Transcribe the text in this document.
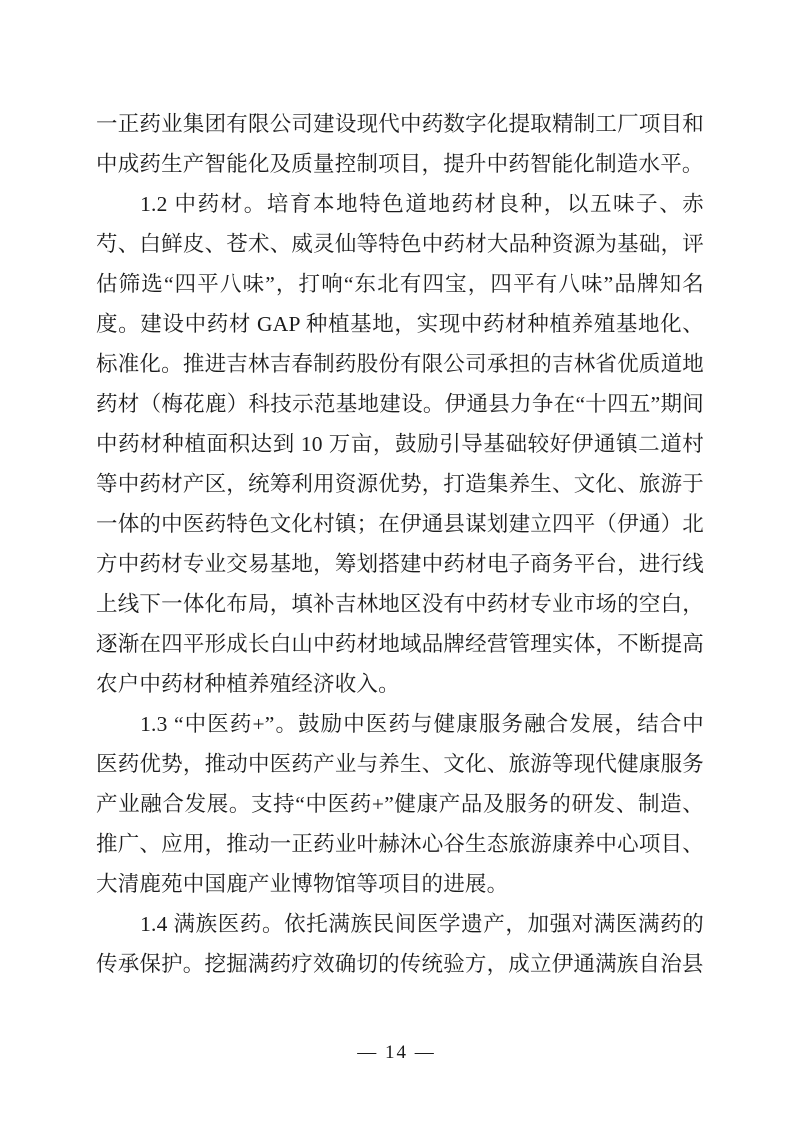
一正药业集团有限公司建设现代中药数字化提取精制工厂项目和中成药生产智能化及质量控制项目，提升中药智能化制造水平。

1.2 中药材。培育本地特色道地药材良种，以五味子、赤芍、白鲜皮、苍术、威灵仙等特色中药材大品种资源为基础，评估筛选“四平八味”，打响“东北有四宝，四平有八味”品牌知名度。建设中药材 GAP 种植基地，实现中药材种植养殖基地化、标准化。推进吉林吉春制药股份有限公司承担的吉林省优质道地药材（梅花鹿）科技示范基地建设。伊通县力争在“十四五”期间中药材种植面积达到 10 万亩，鼓励引导基础较好伊通镇二道村等中药材产区，统筹利用资源优势，打造集养生、文化、旅游于一体的中医药特色文化村镇；在伊通县谋划建立四平（伊通）北方中药材专业交易基地，筹划搭建中药材电子商务平台，进行线上线下一体化布局，填补吉林地区没有中药材专业市场的空白，逐渐在四平形成长白山中药材地域品牌经营管理实体，不断提高农户中药材种植养殖经济收入。

1.3 “中医药+”。鼓励中医药与健康服务融合发展，结合中医药优势，推动中医药产业与养生、文化、旅游等现代健康服务产业融合发展。支持“中医药+”健康产品及服务的研发、制造、推广、应用，推动一正药业叶赫沐心谷生态旅游康养中心项目、大清鹿苑中国鹿产业博物馆等项目的进展。

1.4 满族医药。依托满族民间医学遗产，加强对满医满药的传承保护。挖掘满药疗效确切的传统验方，成立伊通满族自治县

— 14 —
